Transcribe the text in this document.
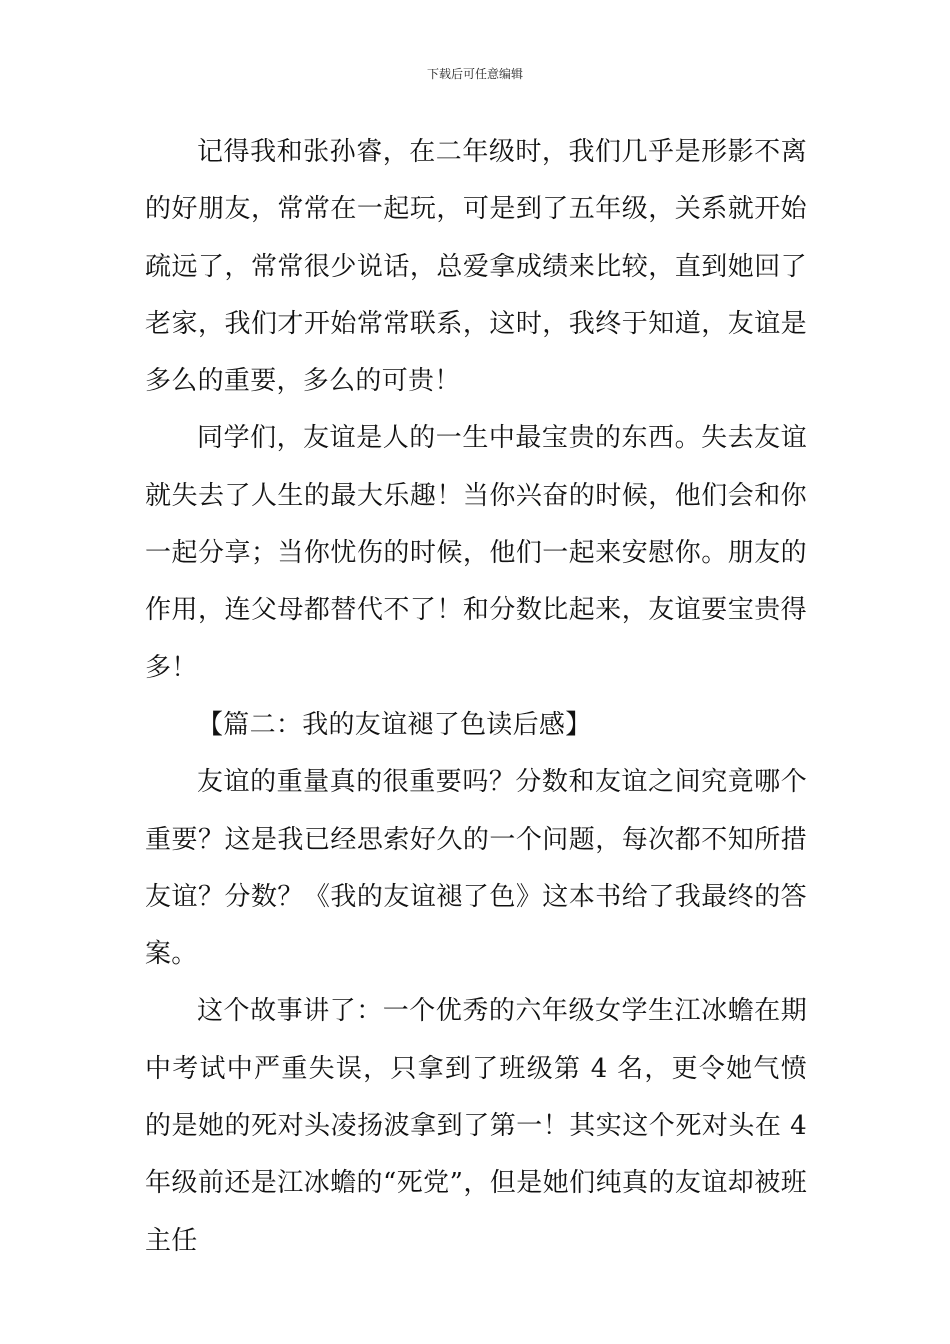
下载后可任意编辑

记得我和张孙睿，在二年级时，我们几乎是形影不离的好朋友，常常在一起玩，可是到了五年级，关系就开始疏远了，常常很少说话，总爱拿成绩来比较，直到她回了老家，我们才开始常常联系，这时，我终于知道，友谊是多么的重要，多么的可贵！

同学们，友谊是人的一生中最宝贵的东西。失去友谊就失去了人生的最大乐趣！当你兴奋的时候，他们会和你一起分享；当你忧伤的时候，他们一起来安慰你。朋友的作用，连父母都替代不了！和分数比起来，友谊要宝贵得多！

【篇二：我的友谊褪了色读后感】

友谊的重量真的很重要吗？分数和友谊之间究竟哪个重要？这是我已经思索好久的一个问题，每次都不知所措友谊？分数？《我的友谊褪了色》这本书给了我最终的答案。

这个故事讲了：一个优秀的六年级女学生江冰蟾在期中考试中严重失误，只拿到了班级第 4 名，更令她气愤的是她的死对头凌扬波拿到了第一！其实这个死对头在 4 年级前还是江冰蟾的“死党”，但是她们纯真的友谊却被班主任
